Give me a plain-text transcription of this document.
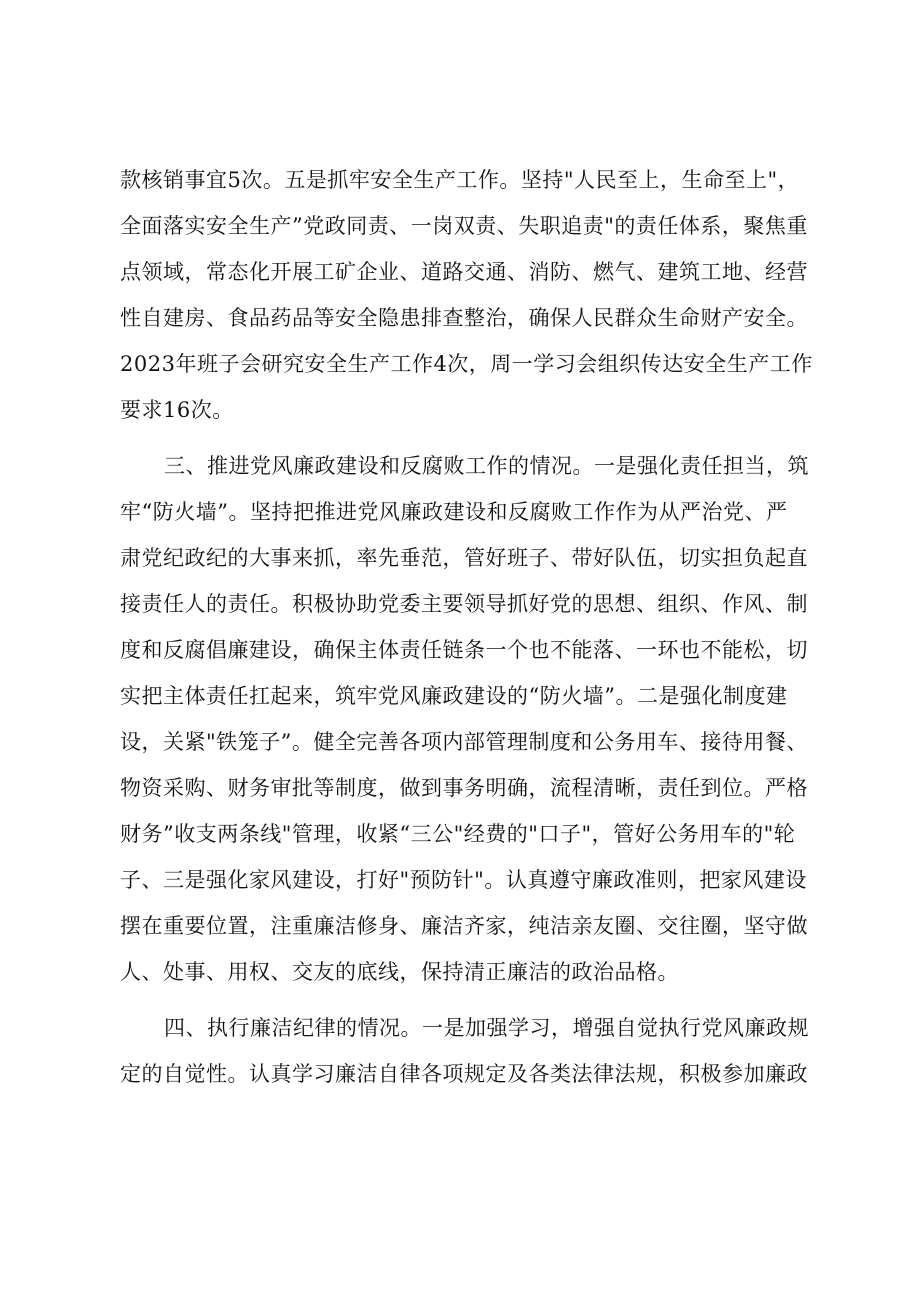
款核销事宜5次。五是抓牢安全生产工作。坚持"人民至上，生命至上"，
全面落实安全生产”党政同责、一岗双责、失职追责"的责任体系，聚焦重
点领域，常态化开展工矿企业、道路交通、消防、燃气、建筑工地、经营
性自建房、食品药品等安全隐患排查整治，确保人民群众生命财产安全。
2023年班子会研究安全生产工作4次，周一学习会组织传达安全生产工作
要求16次。
三、推进党风廉政建设和反腐败工作的情况。一是强化责任担当，筑
牢“防火墙”。坚持把推进党风廉政建设和反腐败工作作为从严治党、严
肃党纪政纪的大事来抓，率先垂范，管好班子、带好队伍，切实担负起直
接责任人的责任。积极协助党委主要领导抓好党的思想、组织、作风、制
度和反腐倡廉建设，确保主体责任链条一个也不能落、一环也不能松，切
实把主体责任扛起来，筑牢党风廉政建设的“防火墙”。二是强化制度建
设，关紧"铁笼子”。健全完善各项内部管理制度和公务用车、接待用餐、
物资采购、财务审批等制度，做到事务明确，流程清晰，责任到位。严格
财务”收支两条线"管理，收紧“三公"经费的"口子"，管好公务用车的"轮
子、三是强化家风建设，打好"预防针"。认真遵守廉政准则，把家风建设
摆在重要位置，注重廉洁修身、廉洁齐家，纯洁亲友圈、交往圈，坚守做
人、处事、用权、交友的底线，保持清正廉洁的政治品格。
四、执行廉洁纪律的情况。一是加强学习，增强自觉执行党风廉政规
定的自觉性。认真学习廉洁自律各项规定及各类法律法规，积极参加廉政
